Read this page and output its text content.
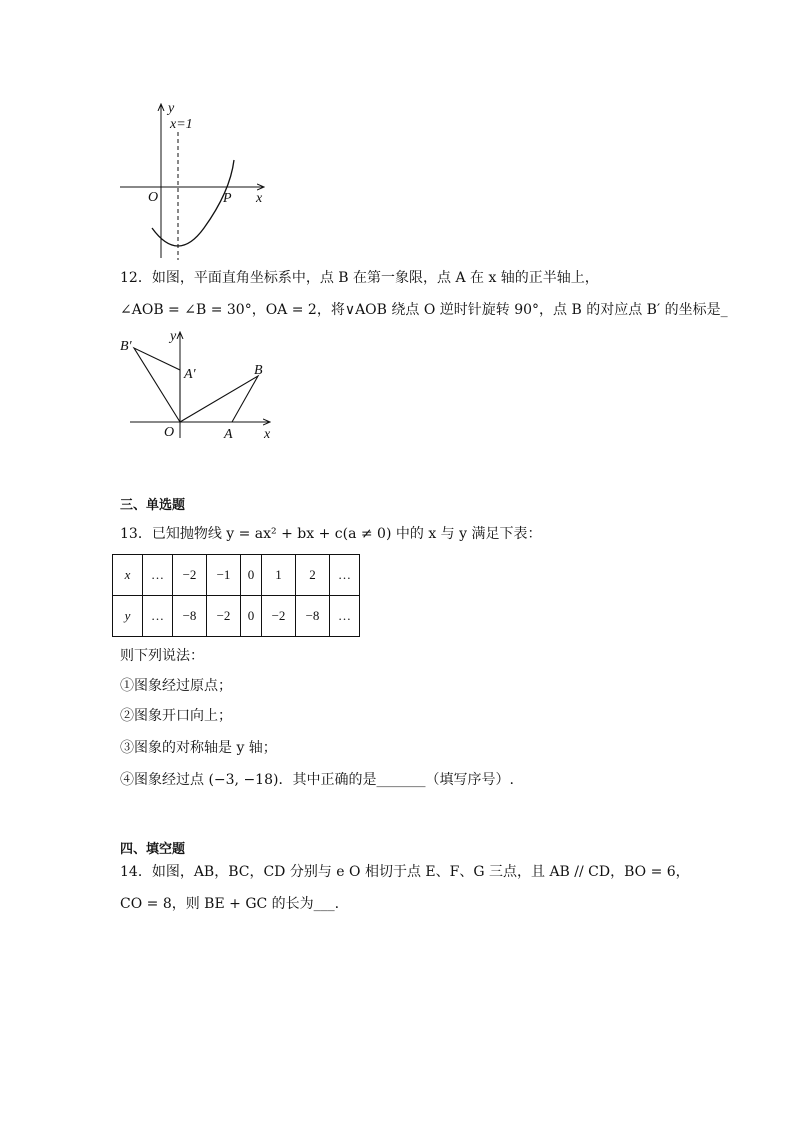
y
x=1
O	P x
12．如图，平面直角坐标系中，点 B 在第一象限，点 A 在 x 轴的正半轴上，
∠AOB = ∠B = 30°，OA = 2，将∨AOB 绕点 O 逆时针旋转 90°，点 B 的对应点 B′ 的坐标是_
y
B′
A′	B
O	A x
三、单选题
13．已知抛物线 y = ax² + bx + c(a ≠ 0) 中的 x 与 y 满足下表：
x	…	−2	−1	0	1	2	…
y	…	−8	−2	0	−2	−8	…
则下列说法：
①图象经过原点；
②图象开口向上；
③图象的对称轴是 y 轴；
④图象经过点 (−3, −18)．其中正确的是_______（填写序号）.
四、填空题
14．如图，AB，BC，CD 分别与 e O 相切于点 E、F、G 三点，且 AB // CD，BO = 6，
CO = 8，则 BE + GC 的长为___.
